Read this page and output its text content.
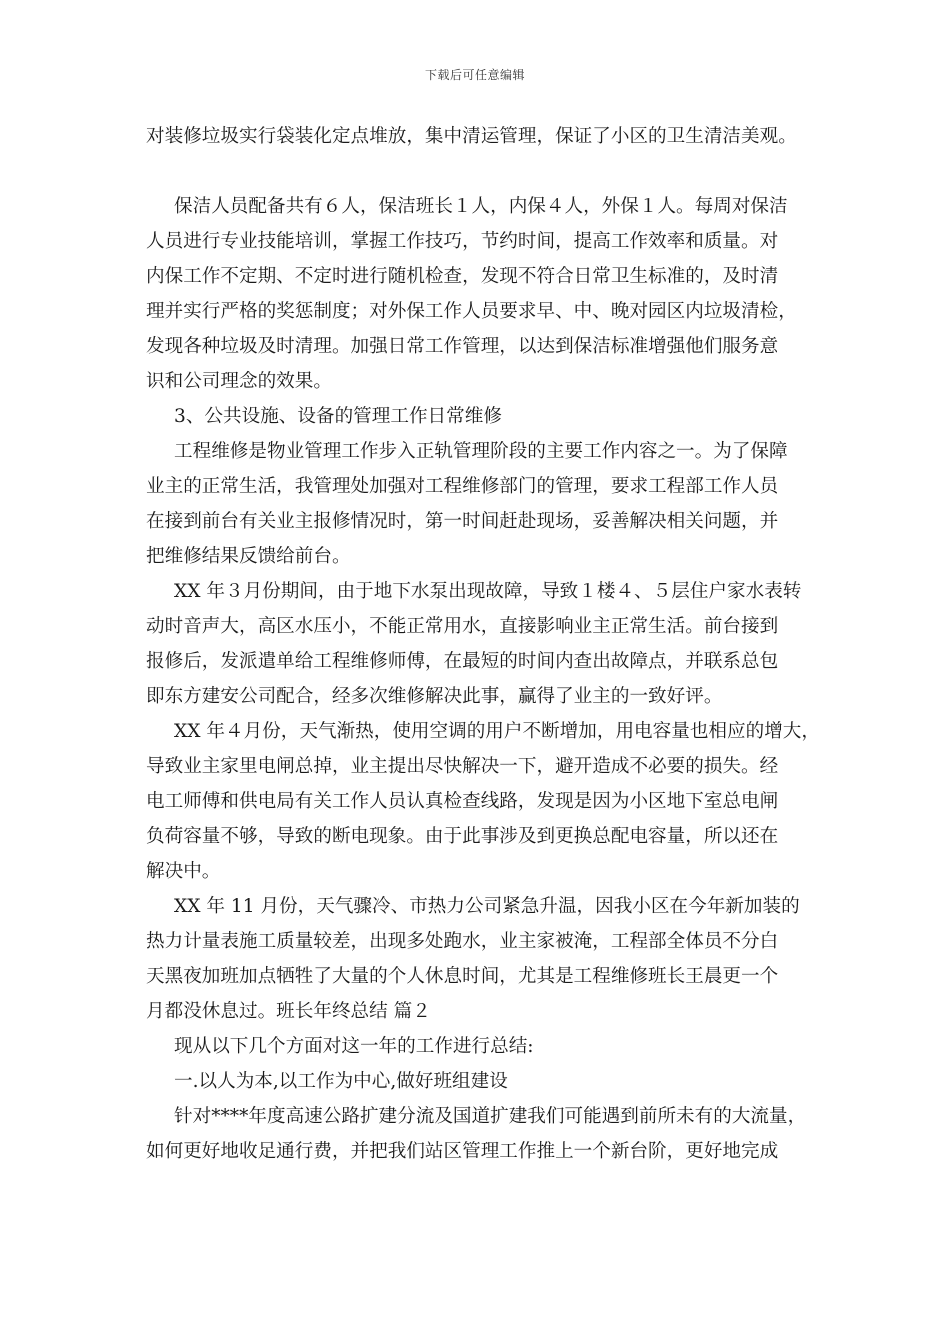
下载后可任意编辑
对装修垃圾实行袋装化定点堆放，集中清运管理，保证了小区的卫生清洁美观。
保洁人员配备共有６人，保洁班长１人，内保４人，外保１人。每周对保洁
人员进行专业技能培训，掌握工作技巧，节约时间，提高工作效率和质量。对
内保工作不定期、不定时进行随机检查，发现不符合日常卫生标准的，及时清
理并实行严格的奖惩制度；对外保工作人员要求早、中、晚对园区内垃圾清检，
发现各种垃圾及时清理。加强日常工作管理，以达到保洁标准增强他们服务意
识和公司理念的效果。
3、公共设施、设备的管理工作日常维修
工程维修是物业管理工作步入正轨管理阶段的主要工作内容之一。为了保障
业主的正常生活，我管理处加强对工程维修部门的管理，要求工程部工作人员
在接到前台有关业主报修情况时，第一时间赶赴现场，妥善解决相关问题，并
把维修结果反馈给前台。
XX 年３月份期间，由于地下水泵出现故障，导致１楼４、５层住户家水表转
动时音声大，高区水压小，不能正常用水，直接影响业主正常生活。前台接到
报修后，发派遣单给工程维修师傅，在最短的时间内查出故障点，并联系总包
即东方建安公司配合，经多次维修解决此事，赢得了业主的一致好评。
XX 年４月份，天气渐热，使用空调的用户不断增加，用电容量也相应的增大，
导致业主家里电闸总掉，业主提出尽快解决一下，避开造成不必要的损失。经
电工师傅和供电局有关工作人员认真检查线路，发现是因为小区地下室总电闸
负荷容量不够，导致的断电现象。由于此事涉及到更换总配电容量，所以还在
解决中。
XX 年 11 月份，天气骤冷、市热力公司紧急升温，因我小区在今年新加装的
热力计量表施工质量较差，出现多处跑水，业主家被淹，工程部全体员不分白
天黑夜加班加点牺牲了大量的个人休息时间，尤其是工程维修班长王晨更一个
月都没休息过。班长年终总结 篇２
现从以下几个方面对这一年的工作进行总结:
一.以人为本,以工作为中心,做好班组建设
针对****年度高速公路扩建分流及国道扩建我们可能遇到前所未有的大流量，
如何更好地收足通行费，并把我们站区管理工作推上一个新台阶，更好地完成
